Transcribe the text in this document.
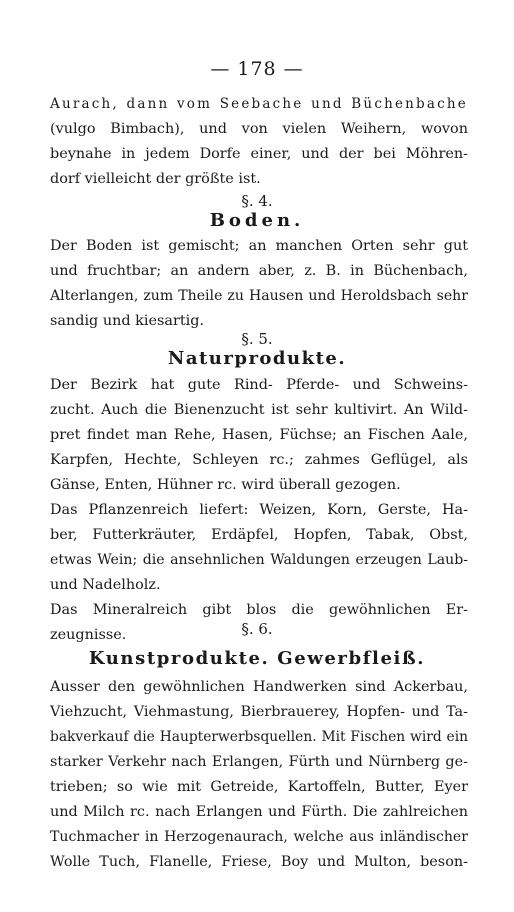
— 178 —
Aurach, dann vom Seebache und Büchenbache
(vulgo Bimbach), und von vielen Weihern, wovon
beynahe in jedem Dorfe einer, und der bei Möhren-
dorf vielleicht der größte ist.
§. 4.
Boden.
Der Boden ist gemischt; an manchen Orten sehr gut
und fruchtbar; an andern aber, z. B. in Büchenbach,
Alterlangen, zum Theile zu Hausen und Heroldsbach sehr
sandig und kiesartig.
§. 5.
Naturprodukte.
Der Bezirk hat gute Rind- Pferde- und Schweins-
zucht. Auch die Bienenzucht ist sehr kultivirt. An Wild-
pret findet man Rehe, Hasen, Füchse; an Fischen Aale,
Karpfen, Hechte, Schleyen rc.; zahmes Geflügel, als
Gänse, Enten, Hühner rc. wird überall gezogen.
Das Pflanzenreich liefert: Weizen, Korn, Gerste, Ha-
ber, Futterkräuter, Erdäpfel, Hopfen, Tabak, Obst,
etwas Wein; die ansehnlichen Waldungen erzeugen Laub-
und Nadelholz.
Das Mineralreich gibt blos die gewöhnlichen Er-
zeugnisse.	§. 6.
Kunstprodukte. Gewerbfleiß.
Ausser den gewöhnlichen Handwerken sind Ackerbau,
Viehzucht, Viehmastung, Bierbrauerey, Hopfen- und Ta-
bakverkauf die Haupterwerbsquellen. Mit Fischen wird ein
starker Verkehr nach Erlangen, Fürth und Nürnberg ge-
trieben; so wie mit Getreide, Kartoffeln, Butter, Eyer
und Milch rc. nach Erlangen und Fürth. Die zahlreichen
Tuchmacher in Herzogenaurach, welche aus inländischer
Wolle Tuch, Flanelle, Friese, Boy und Multon, beson-
